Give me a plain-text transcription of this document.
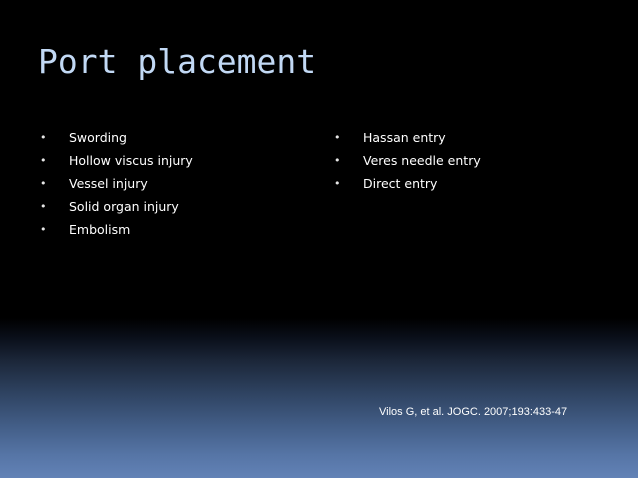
Port placement
•	Swording
•	Hollow viscus injury
•	Vessel injury
•	Solid organ injury
•	Embolism
•	Hassan entry
•	Veres needle entry
•	Direct entry
Vilos G, et al. JOGC. 2007;193:433-47
